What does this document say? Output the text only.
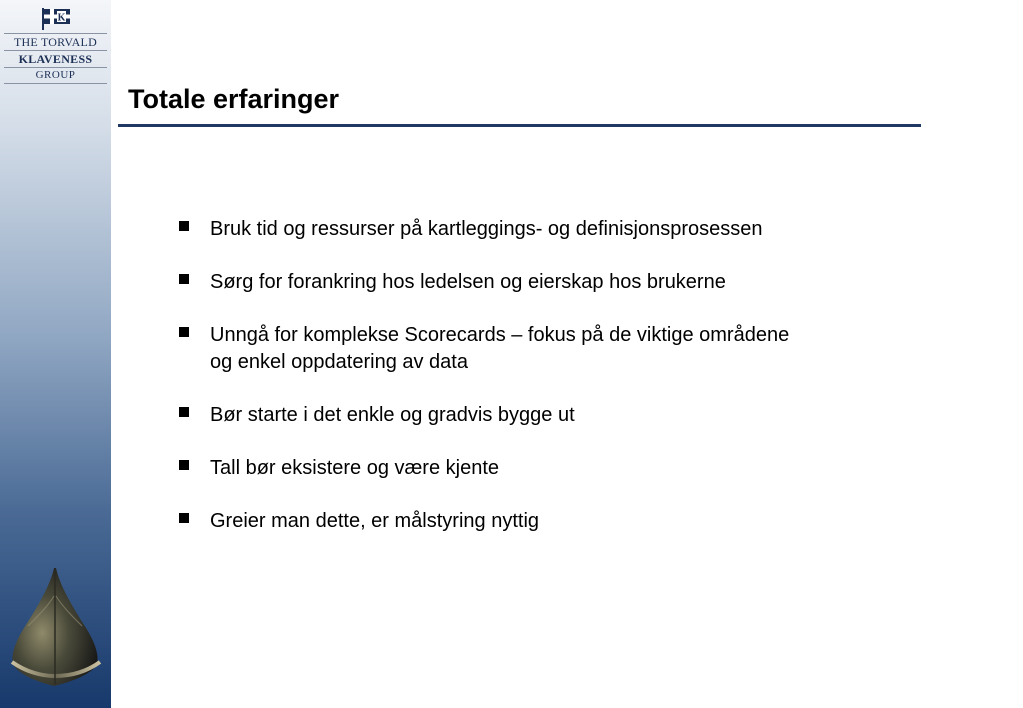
K
THE TORVALD
KLAVENESS
GROUP
Totale erfaringer
Bruk tid og ressurser på kartleggings- og definisjonsprosessen
Sørg for forankring hos ledelsen og eierskap hos brukerne
Unngå for komplekse Scorecards – fokus på de viktige områdene og enkel oppdatering av data
Bør starte i det enkle og gradvis bygge ut
Tall bør eksistere og være kjente
Greier man dette, er målstyring nyttig
